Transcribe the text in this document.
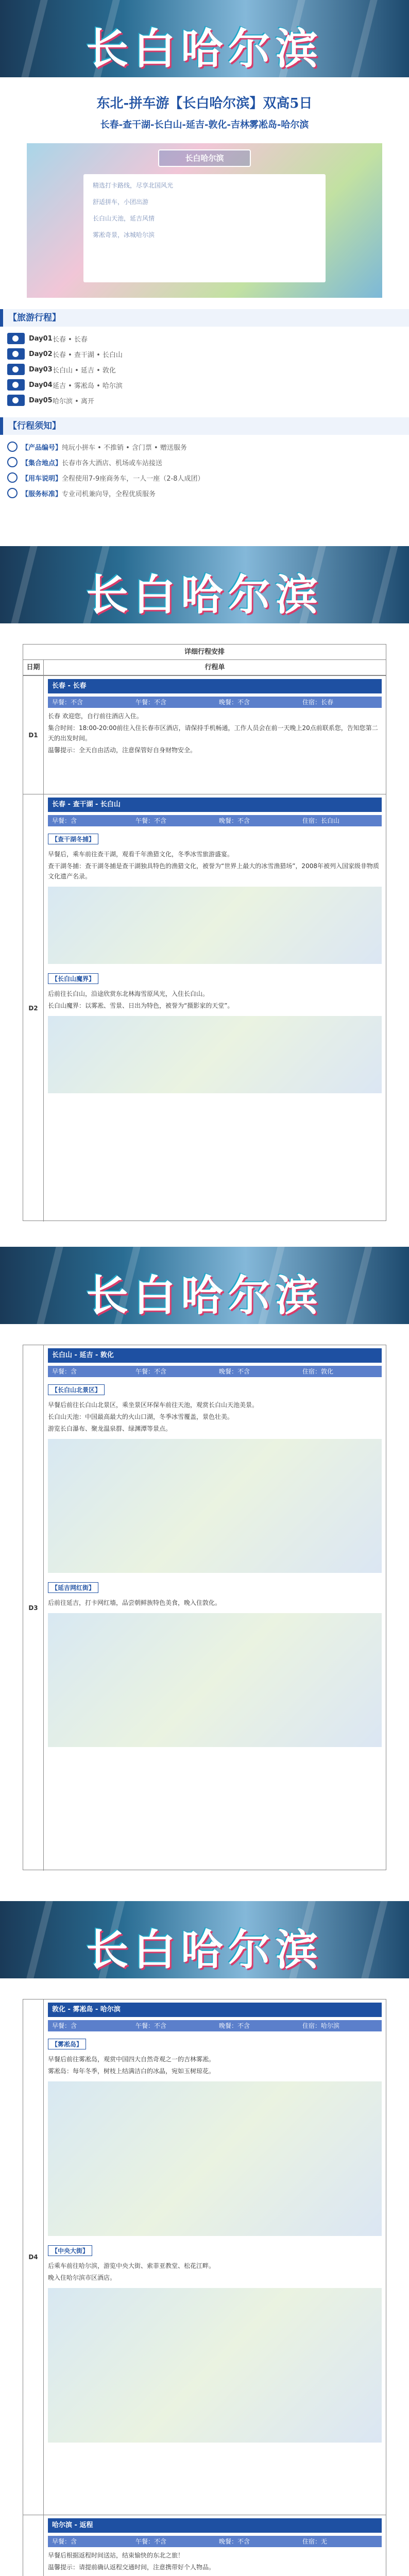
长白哈尔滨
东北-拼车游【长白哈尔滨】双高5日
长春-查干湖-长白山-延吉-敦化-吉林雾凇岛-哈尔滨
长白哈尔滨
精选打卡路线，尽享北国风光
舒适拼车，小团出游
长白山天池，延吉风情
雾凇奇景，冰城哈尔滨
【旅游行程】
Day01 长春 • 长春
Day02 长春 • 查干湖 • 长白山
Day03 长白山 • 延吉 • 敦化
Day04 延吉 • 雾凇岛 • 哈尔滨
Day05 哈尔滨 • 离开
【行程须知】
【产品编号】 纯玩小拼车 • 不推销 • 含门票 • 赠送服务
【集合地点】 长春市各大酒店、机场或车站接送
【用车说明】 全程使用7-9座商务车，一人一座（2-8人成团）
【服务标准】 专业司机兼向导，全程优质服务
长白哈尔滨
详细行程安排
日期	行程单
D1
长春 - 长春
早餐：不含	午餐：不含	晚餐：不含	住宿：长春
长春 欢迎您，自行前往酒店入住。
集合时间：18:00-20:00前往入住长春市区酒店，请保持手机畅通，工作人员会在前一天晚上20点前联系您，告知您第二天的出发时间。
温馨提示：全天自由活动，注意保管好自身财物安全。
D2
长春 - 查干湖 - 长白山
早餐：含	午餐：不含	晚餐：不含	住宿：长白山
【查干湖冬捕】
早餐后，乘车前往查干湖，观看千年渔猎文化，冬季冰雪旅游盛宴。
查干湖冬捕：查干湖冬捕是查干湖独具特色的渔猎文化，被誉为“世界上最大的冰雪渔猎场”，2008年被列入国家级非物质文化遗产名录。
【长白山魔界】
后前往长白山，沿途欣赏东北林海雪原风光，入住长白山。
长白山魔界：以雾凇、雪景、日出为特色，被誉为“摄影家的天堂”。
长白哈尔滨
D3
长白山 - 延吉 - 敦化
早餐：含	午餐：不含	晚餐：不含	住宿：敦化
【长白山北景区】
早餐后前往长白山北景区，乘坐景区环保车前往天池，观赏长白山天池美景。
长白山天池：中国最高最大的火山口湖，冬季冰雪覆盖，景色壮美。
游览长白瀑布、聚龙温泉群、绿渊潭等景点。
【延吉网红街】
后前往延吉，打卡网红墙，品尝朝鲜族特色美食，晚入住敦化。
长白哈尔滨
D4
敦化 - 雾凇岛 - 哈尔滨
早餐：含	午餐：不含	晚餐：不含	住宿：哈尔滨
【雾凇岛】
早餐后前往雾凇岛，观赏中国四大自然奇观之一的吉林雾凇。
雾凇岛：每年冬季，树枝上结满洁白的冰晶，宛如玉树琼花。
【中央大街】
后乘车前往哈尔滨，游览中央大街、索菲亚教堂、松花江畔。
晚入住哈尔滨市区酒店。
哈尔滨 - 返程
早餐：含	午餐：不含	晚餐：不含	住宿：无
早餐后根据返程时间送站，结束愉快的东北之旅！
温馨提示：请提前确认返程交通时间，注意携带好个人物品。
